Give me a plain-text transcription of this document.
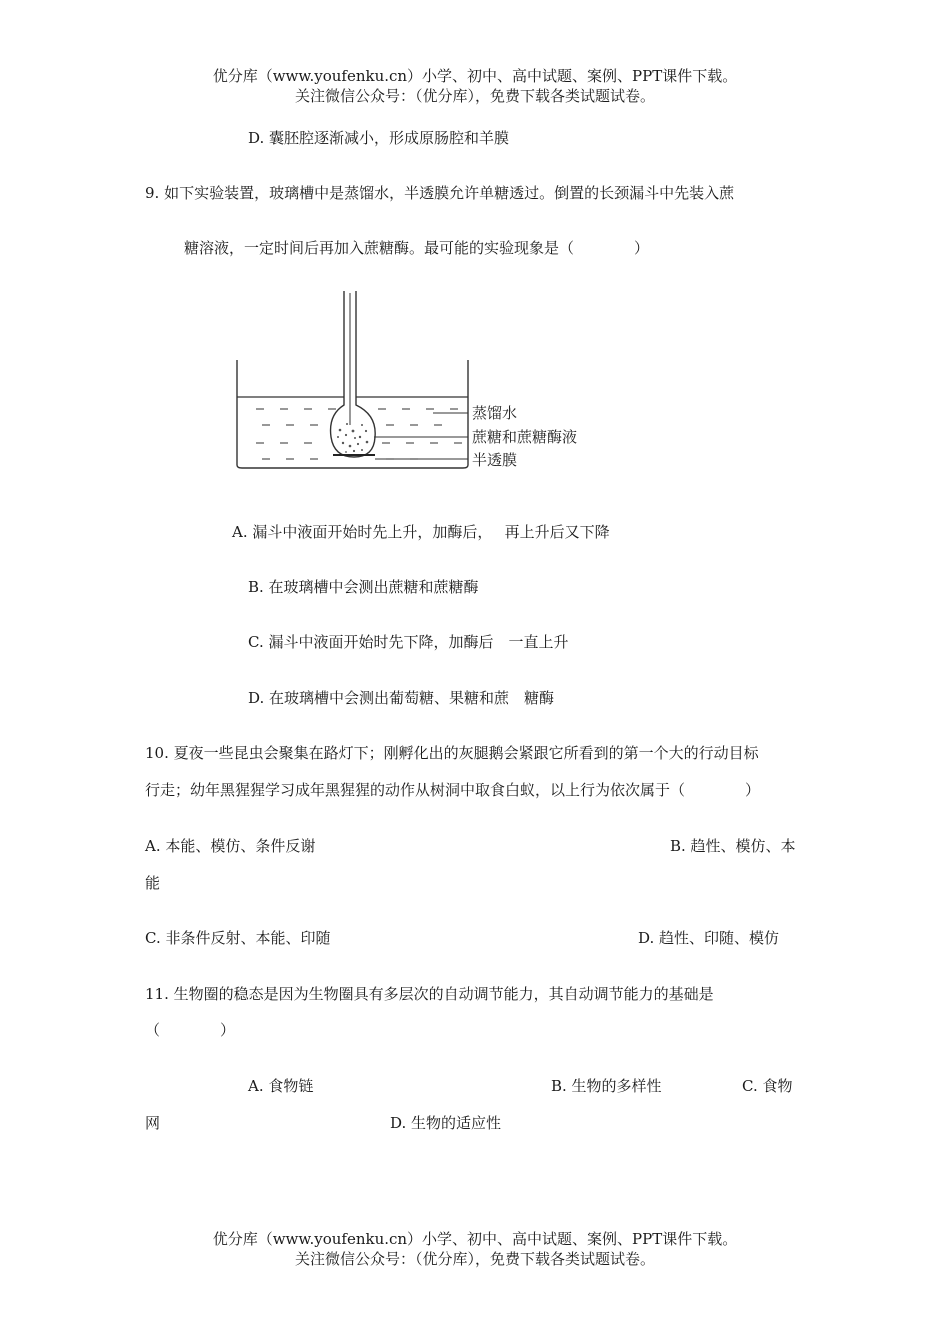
优分库（www.youfenku.cn）小学、初中、高中试题、案例、PPT课件下载。
关注微信公众号：（优分库），免费下载各类试题试卷。
D. 囊胚腔逐渐减小，形成原肠腔和羊膜
9. 如下实验装置，玻璃槽中是蒸馏水，半透膜允许单糖透过。倒置的长颈漏斗中先装入蔗
糖溶液，一定时间后再加入蔗糖酶。最可能的实验现象是（　　　　）
蒸馏水
蔗糖和蔗糖酶液
半透膜
A. 漏斗中液面开始时先上升，加酶后，　 再上升后又下降
B. 在玻璃槽中会测出蔗糖和蔗糖酶
C. 漏斗中液面开始时先下降，加酶后　一直上升
D. 在玻璃槽中会测出葡萄糖、果糖和蔗　糖酶
10. 夏夜一些昆虫会聚集在路灯下；刚孵化出的灰腿鹅会紧跟它所看到的第一个大的行动目标
行走；幼年黑猩猩学习成年黑猩猩的动作从树洞中取食白蚁，以上行为依次属于（　　　　）
A. 本能、模仿、条件反谢	B. 趋性、模仿、本
能
C. 非条件反射、本能、印随	D. 趋性、印随、模仿
11. 生物圈的稳态是因为生物圈具有多层次的自动调节能力，其自动调节能力的基础是
（　　　　）
A. 食物链	B. 生物的多样性	C. 食物
网	D. 生物的适应性
优分库（www.youfenku.cn）小学、初中、高中试题、案例、PPT课件下载。
关注微信公众号：（优分库），免费下载各类试题试卷。
